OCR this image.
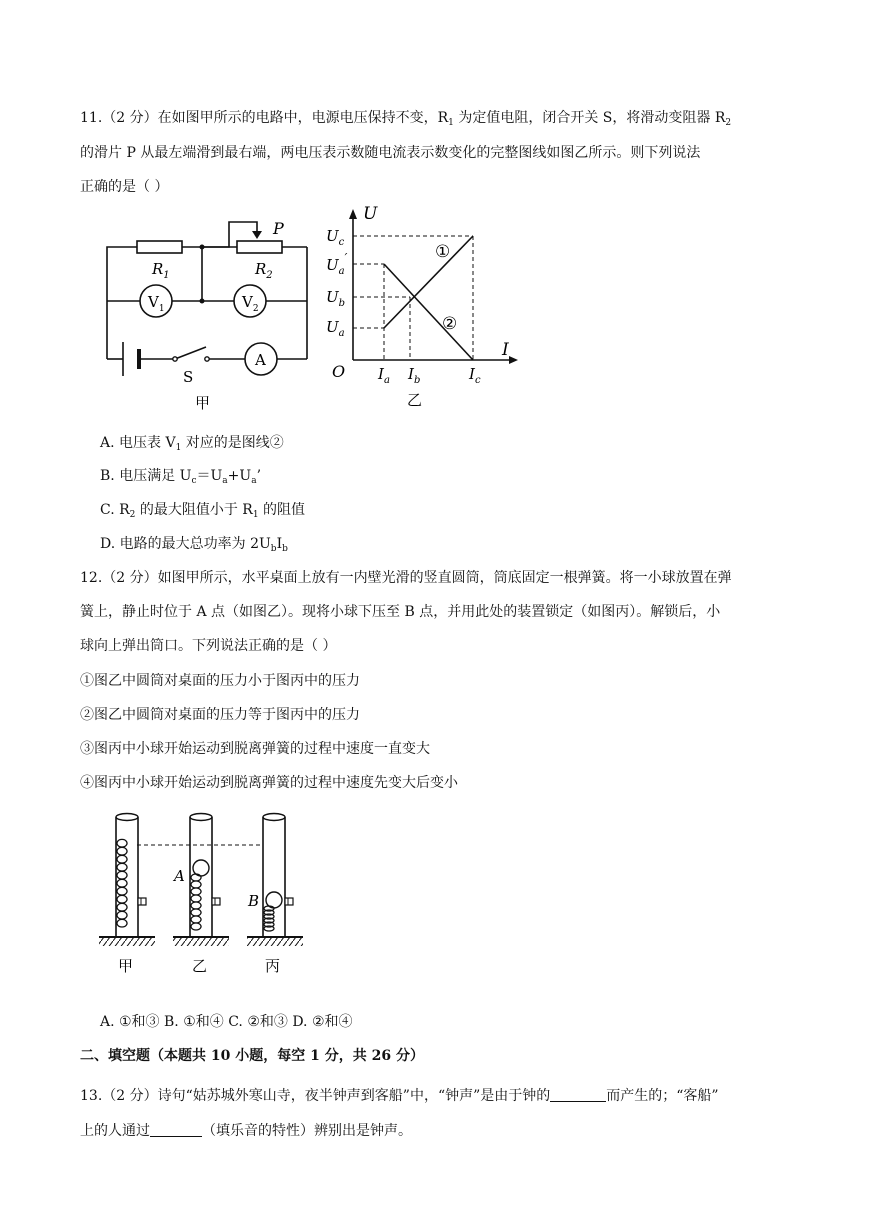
11.（2 分）在如图甲所示的电路中，电源电压保持不变，$R_1$ 为定值电阻，闭合开关 S，将滑动变阻器 $R_2$
的滑片 P 从最左端滑到最右端，两电压表示数随电流表示数变化的完整图线如图乙所示。则下列说法
正确的是（ ）
$R_1$	$R_2$
P
$V_1$	$V_2$
A
S
甲
U
I
O
$U_c$
$U_a'$
$U_b$
$U_a$
$I_a$ $I_b$	$I_c$
①
②
乙
A. 电压表 $V_1$ 对应的是图线②
B. 电压满足 $U_c=U_a+U_a$’
C. $R_2$ 的最大阻值小于 $R_1$ 的阻值
D. 电路的最大总功率为 $2U_bI_b$
12.（2 分）如图甲所示，水平桌面上放有一内壁光滑的竖直圆筒，筒底固定一根弹簧。将一小球放置在弹
簧上，静止时位于 A 点（如图乙）。现将小球下压至 B 点，并用此处的装置锁定（如图丙）。解锁后，小
球向上弹出筒口。下列说法正确的是（ ）
①图乙中圆筒对桌面的压力小于图丙中的压力
②图乙中圆筒对桌面的压力等于图丙中的压力
③图丙中小球开始运动到脱离弹簧的过程中速度一直变大
④图丙中小球开始运动到脱离弹簧的过程中速度先变大后变小
A
B
甲	乙	丙
A. ①和③ B. ①和④ C. ②和③ D. ②和④
二、填空题（本题共 10 小题，每空 1 分，共 26 分）
13.（2 分）诗句“姑苏城外寒山寺，夜半钟声到客船”中，“钟声”是由于钟的	而产生的；“客船”
上的人通过	（填乐音的特性）辨别出是钟声。
